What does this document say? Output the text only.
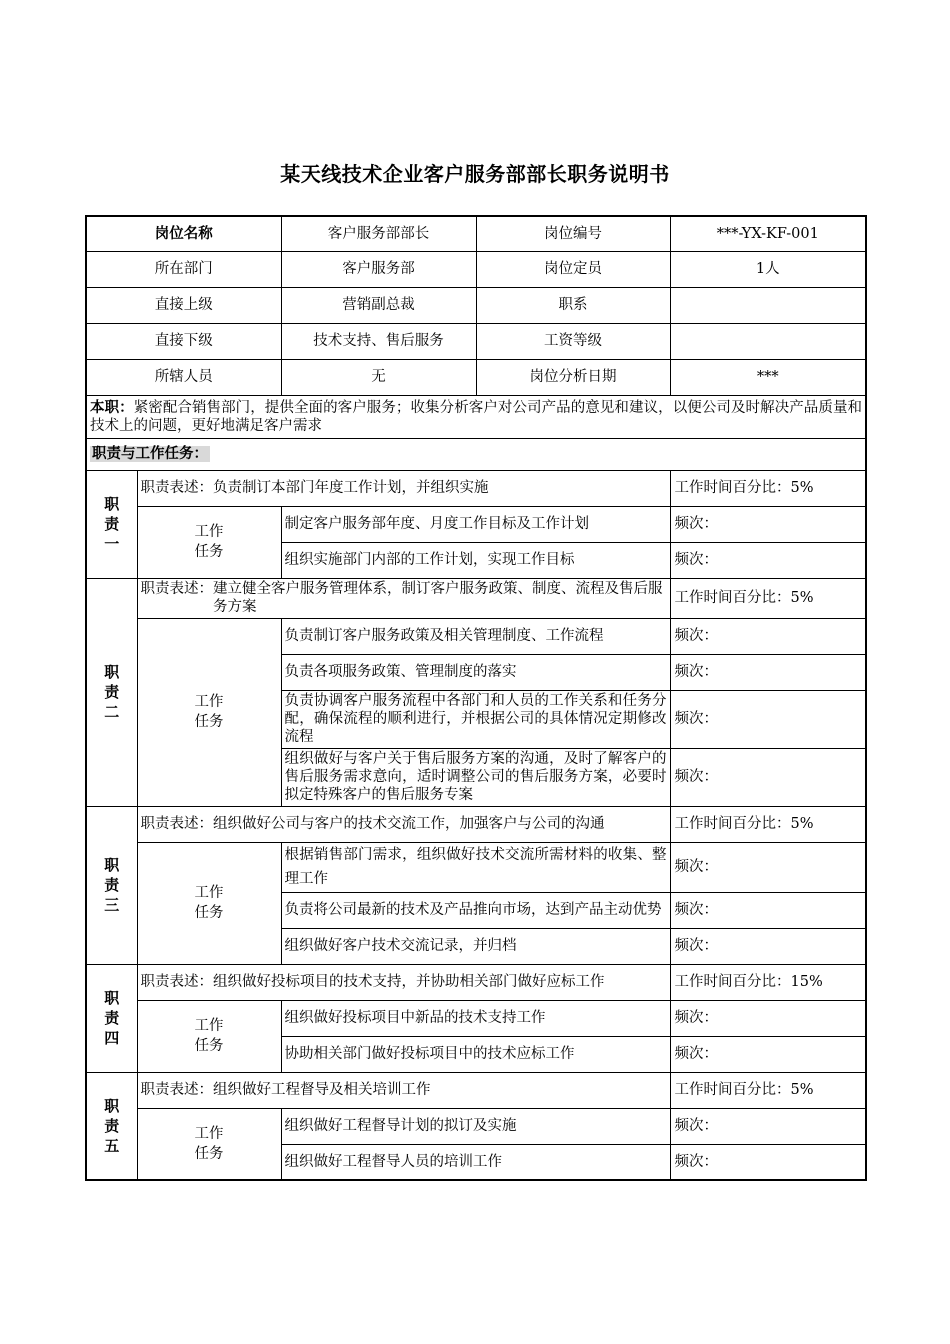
某天线技术企业客户服务部部长职务说明书
岗位名称		客户服务部部长	岗位编号	***-YX-KF-001
所在部门		客户服务部	岗位定员	1人
直接上级		营销副总裁	职系	
直接下级		技术支持、售后服务	工资等级	
所辖人员		无	岗位分析日期	***
本职：紧密配合销售部门，提供全面的客户服务；收集分析客户对公司产品的意见和建议，以便公司及时解决产品质量和技术上的问题，更好地满足客户需求				
职责与工作任务：				

职
责
一	职责表述： 负责制订本部门年度工作计划，并组织实施			工作时间百分比：5%

	工作
任务	制定客户服务部年度、月度工作目标及工作计划		频次：
		组织实施部门内部的工作计划，实现工作目标		频次：

职
责
二	职责表述： 建立健全客户服务管理体系，制订客户服务政策、制度、流程及售后服务方案			工作时间百分比：5%

	工作
任务	负责制订客户服务政策及相关管理制度、工作流程		频次：
		负责各项服务政策、管理制度的落实		频次：
		负责协调客户服务流程中各部门和人员的工作关系和任务分配，确保流程的顺利进行，并根据公司的具体情况定期修改流程		频次：
		组织做好与客户关于售后服务方案的沟通，及时了解客户的售后服务需求意向，适时调整公司的售后服务方案，必要时拟定特殊客户的售后服务专案		频次：

职
责
三	职责表述： 组织做好公司与客户的技术交流工作，加强客户与公司的沟通			工作时间百分比：5%

	工作
任务	根据销售部门需求，组织做好技术交流所需材料的收集、整理工作		频次：
		负责将公司最新的技术及产品推向市场，达到产品主动优势		频次：
		组织做好客户技术交流记录，并归档		频次：

职
责
四	职责表述： 组织做好投标项目的技术支持，并协助相关部门做好应标工作			工作时间百分比：15%

	工作
任务	组织做好投标项目中新品的技术支持工作		频次：
		协助相关部门做好投标项目中的技术应标工作		频次：

职
责
五	职责表述： 组织做好工程督导及相关培训工作			工作时间百分比：5%

	工作
任务	组织做好工程督导计划的拟订及实施		频次：
		组织做好工程督导人员的培训工作		频次：
